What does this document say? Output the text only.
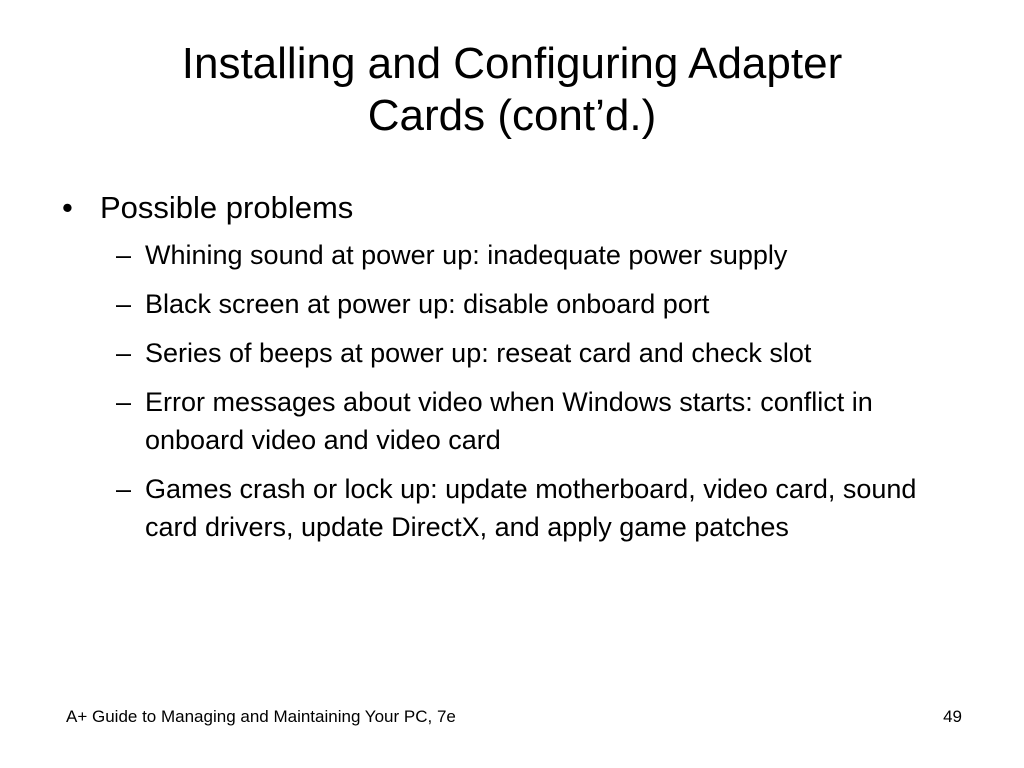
Installing and Configuring Adapter
Cards (cont’d.)
• Possible problems
– Whining sound at power up: inadequate power supply
– Black screen at power up: disable onboard port
– Series of beeps at power up: reseat card and check slot
– Error messages about video when Windows starts: conflict in onboard video and video card
– Games crash or lock up: update motherboard, video card, sound card drivers, update DirectX, and apply game patches
A+ Guide to Managing and Maintaining Your PC, 7e	49
